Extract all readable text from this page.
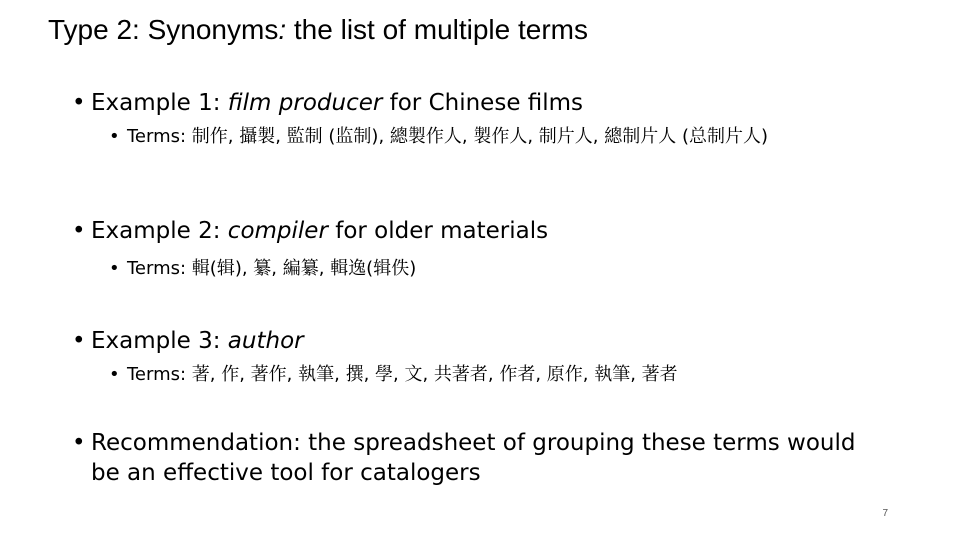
Type 2: Synonyms: the list of multiple terms
• Example 1: film producer for Chinese films
• Terms: 制作, 攝製, 監制 (监制), 總製作人, 製作人, 制片人, 總制片人 (总制片人)
• Example 2: compiler for older materials
• Terms: 輯(辑), 纂, 編纂, 輯逸(辑佚)
• Example 3: author
• Terms: 著, 作, 著作, 執筆, 撰, 學, 文, 共著者, 作者, 原作, 執筆, 著者
• Recommendation: the spreadsheet of grouping these terms would be an effective tool for catalogers
7
